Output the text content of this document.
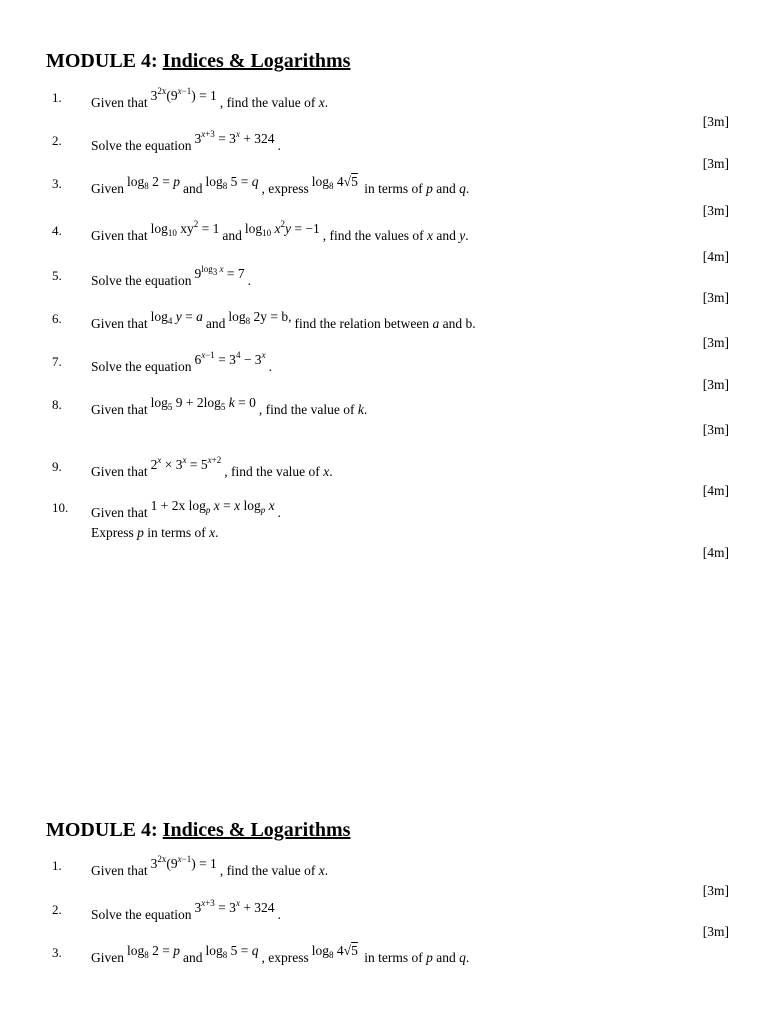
MODULE 4: Indices & Logarithms
1. Given that $3^{2x}(9^{x-1}) = 1$ , find the value of x.
[3m]
2. Solve the equation $3^{x+3} = 3^x + 324$ .
[3m]
3. Given $\log_8 2 = p$ and $\log_8 5 = q$ , express $\log_8 4√5$ in terms of p and q.
[3m]
4. Given that $\log_{10} xy^2 = 1$ and $\log_{10} x^2y = -1$ , find the values of x and y.
[4m]
5. Solve the equation $9^{log_3 x} = 7$ .
[3m]
6. Given that $\log_4 y = a$ and $\log_8 2y = b$, find the relation between a and b.
[3m]
7. Solve the equation $6^{x-1} = 3^4 - 3^x$.
[3m]
8. Given that $\log_5 9 + 2\log_5$ k = 0 , find the value of k.
[3m]
9. Given that $2^x \times 3^x = 5^{x+2}$, find the value of x.
[4m]
10. Given that 1 + 2x $\log_p x = x$ $\log_p x$ .
Express p in terms of x.
[4m]
MODULE 4: Indices & Logarithms
1. Given that $3^{2x}(9^{x-1}) = 1$ , find the value of x.
[3m]
2. Solve the equation $3^{x+3} = 3^x + 324$ .
[3m]
3. Given $\log_8 2 = p$ and $\log_8 5 = q$ , express $\log_8 4√5$ in terms of p and q.
